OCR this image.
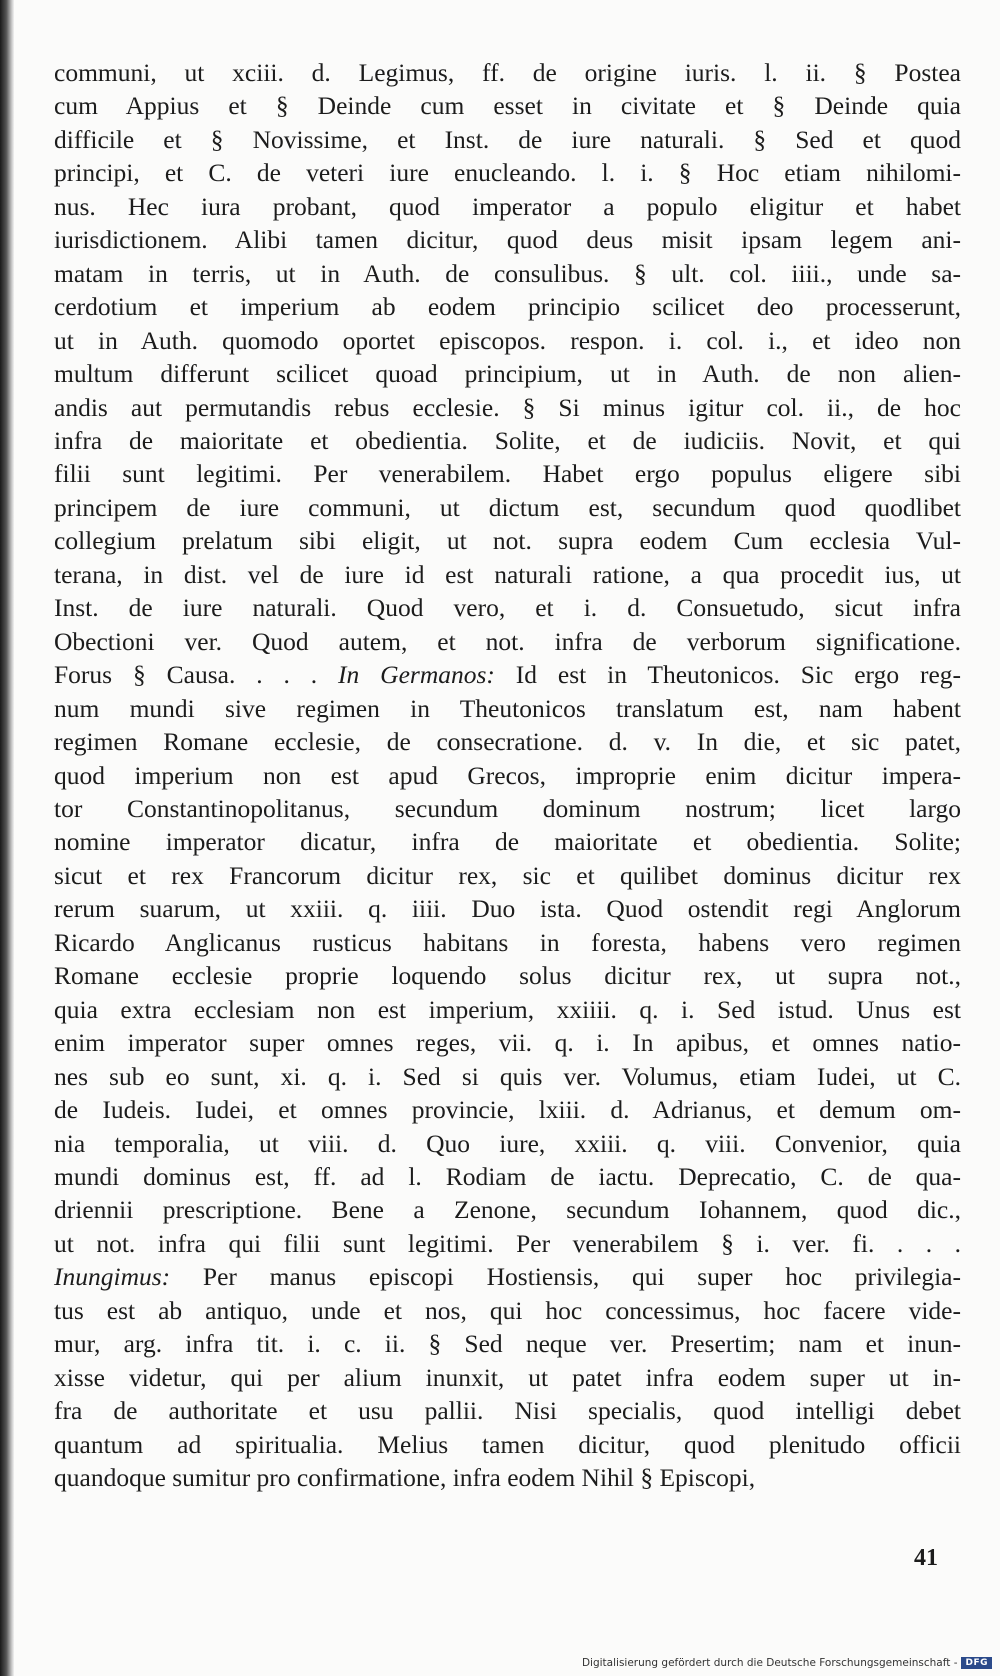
communi, ut xciii. d. Legimus, ff. de origine iuris. l. ii. § Postea
cum Appius et § Deinde cum esset in civitate et § Deinde quia
difficile et § Novissime, et Inst. de iure naturali. § Sed et quod
principi, et C. de veteri iure enucleando. l. i. § Hoc etiam nihilomi-
nus. Hec iura probant, quod imperator a populo eligitur et habet
iurisdictionem. Alibi tamen dicitur, quod deus misit ipsam legem ani-
matam in terris, ut in Auth. de consulibus. § ult. col. iiii., unde sa-
cerdotium et imperium ab eodem principio scilicet deo processerunt,
ut in Auth. quomodo oportet episcopos. respon. i. col. i., et ideo non
multum differunt scilicet quoad principium, ut in Auth. de non alien-
andis aut permutandis rebus ecclesie. § Si minus igitur col. ii., de hoc
infra de maioritate et obedientia. Solite, et de iudiciis. Novit, et qui
filii sunt legitimi. Per venerabilem. Habet ergo populus eligere sibi
principem de iure communi, ut dictum est, secundum quod quodlibet
collegium prelatum sibi eligit, ut not. supra eodem Cum ecclesia Vul-
terana, in dist. vel de iure id est naturali ratione, a qua procedit ius, ut
Inst. de iure naturali. Quod vero, et i. d. Consuetudo, sicut infra
Obectioni ver. Quod autem, et not. infra de verborum significatione.
Forus § Causa. . . . In Germanos: Id est in Theutonicos. Sic ergo reg-
num mundi sive regimen in Theutonicos translatum est, nam habent
regimen Romane ecclesie, de consecratione. d. v. In die, et sic patet,
quod imperium non est apud Grecos, improprie enim dicitur impera-
tor Constantinopolitanus, secundum dominum nostrum; licet largo
nomine imperator dicatur, infra de maioritate et obedientia. Solite;
sicut et rex Francorum dicitur rex, sic et quilibet dominus dicitur rex
rerum suarum, ut xxiii. q. iiii. Duo ista. Quod ostendit regi Anglorum
Ricardo Anglicanus rusticus habitans in foresta, habens vero regimen
Romane ecclesie proprie loquendo solus dicitur rex, ut supra not.,
quia extra ecclesiam non est imperium, xxiiii. q. i. Sed istud. Unus est
enim imperator super omnes reges, vii. q. i. In apibus, et omnes natio-
nes sub eo sunt, xi. q. i. Sed si quis ver. Volumus, etiam Iudei, ut C.
de Iudeis. Iudei, et omnes provincie, lxiii. d. Adrianus, et demum om-
nia temporalia, ut viii. d. Quo iure, xxiii. q. viii. Convenior, quia
mundi dominus est, ff. ad l. Rodiam de iactu. Deprecatio, C. de qua-
driennii prescriptione. Bene a Zenone, secundum Iohannem, quod dic.,
ut not. infra qui filii sunt legitimi. Per venerabilem § i. ver. fi. . . .
Inungimus: Per manus episcopi Hostiensis, qui super hoc privilegia-
tus est ab antiquo, unde et nos, qui hoc concessimus, hoc facere vide-
mur, arg. infra tit. i. c. ii. § Sed neque ver. Presertim; nam et inun-
xisse videtur, qui per alium inunxit, ut patet infra eodem super ut in-
fra de authoritate et usu pallii. Nisi specialis, quod intelligi debet
quantum ad spiritualia. Melius tamen dicitur, quod plenitudo officii
quandoque sumitur pro confirmatione, infra eodem Nihil § Episcopi,
41
Digitalisierung gefördert durch die Deutsche Forschungsgemeinschaft - DFG
